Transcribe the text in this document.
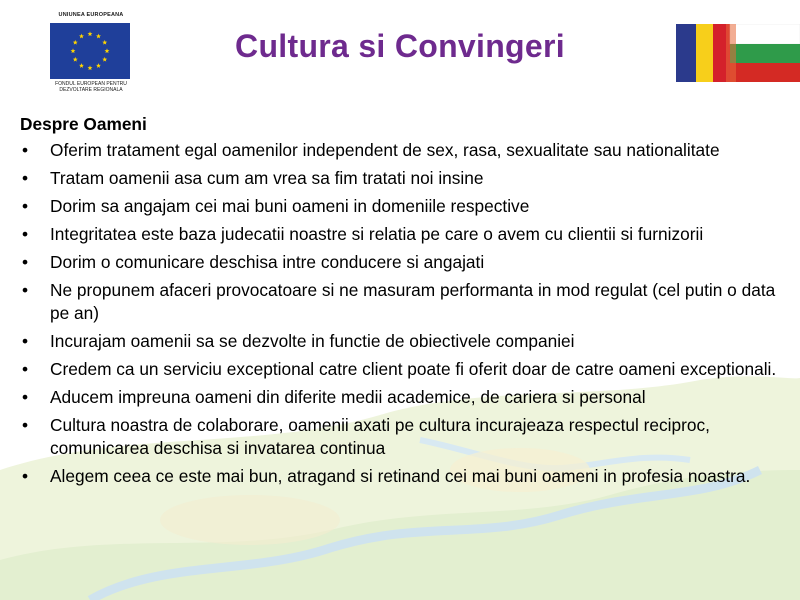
UNIUNEA EUROPEANA
FONDUL EUROPEAN PENTRU
DEZVOLTARE REGIONALA
Cultura si Convingeri
Despre Oameni
• Oferim tratament egal oamenilor independent de sex, rasa, sexualitate sau nationalitate
• Tratam oamenii asa cum am vrea sa fim tratati noi insine
• Dorim sa angajam cei mai buni oameni in domeniile respective
• Integritatea este baza judecatii noastre si relatia pe care o avem cu clientii si furnizorii
• Dorim o comunicare deschisa intre conducere si angajati
• Ne propunem afaceri provocatoare si ne masuram performanta in mod regulat (cel putin o data pe an)
• Incurajam oamenii sa se dezvolte in functie de obiectivele companiei
• Credem ca un serviciu exceptional catre client poate fi oferit doar de catre oameni exceptionali.
• Aducem impreuna oameni din diferite medii academice, de cariera si personal
• Cultura noastra de colaborare, oamenii axati pe cultura incurajeaza respectul reciproc, comunicarea deschisa si invatarea continua
• Alegem ceea ce este mai bun, atragand si retinand cei mai buni oameni in profesia noastra.
